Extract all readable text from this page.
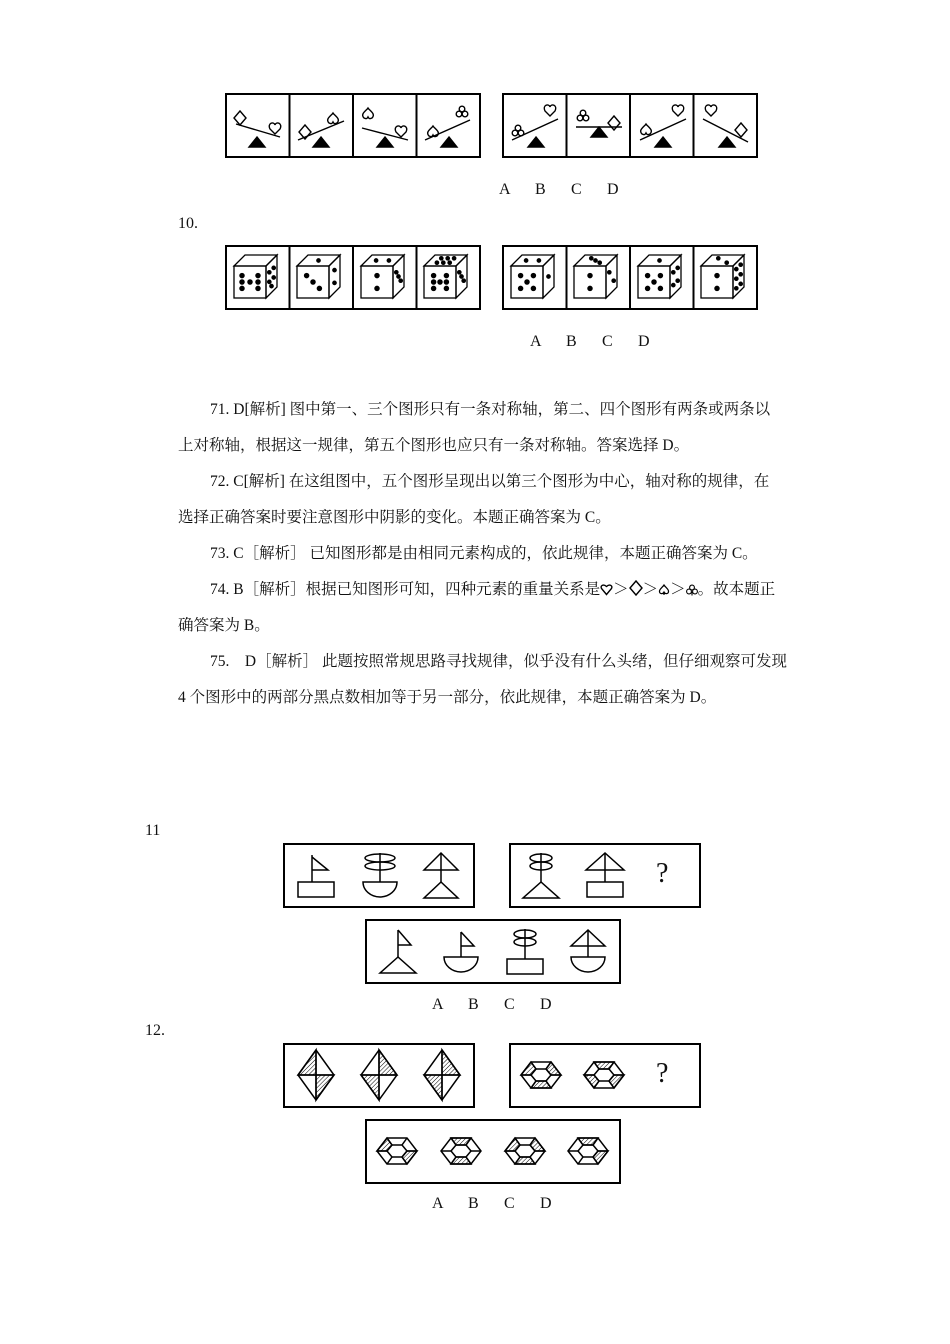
A B C D
10.
A B C D

71. D[解析] 图中第一、三个图形只有一条对称轴，第二、四个图形有两条或两条以

上对称轴，根据这一规律，第五个图形也应只有一条对称轴。答案选择 D。

72. C[解析] 在这组图中，五个图形呈现出以第三个图形为中心，轴对称的规律，在

选择正确答案时要注意图形中阴影的变化。本题正确答案为 C。

73. C［解析］ 已知图形都是由相同元素构成的，依此规律，本题正确答案为 C。

74. B［解析］根据已知图形可知，四种元素的重量关系是 ＞ ＞ ＞ 。故本题正

确答案为 B。

75.　D［解析］ 此题按照常规思路寻找规律，似乎没有什么头绪，但仔细观察可发现

4 个图形中的两部分黑点数相加等于另一部分，依此规律，本题正确答案为 D。

11
?
A B C D
12.
?
A B C D
